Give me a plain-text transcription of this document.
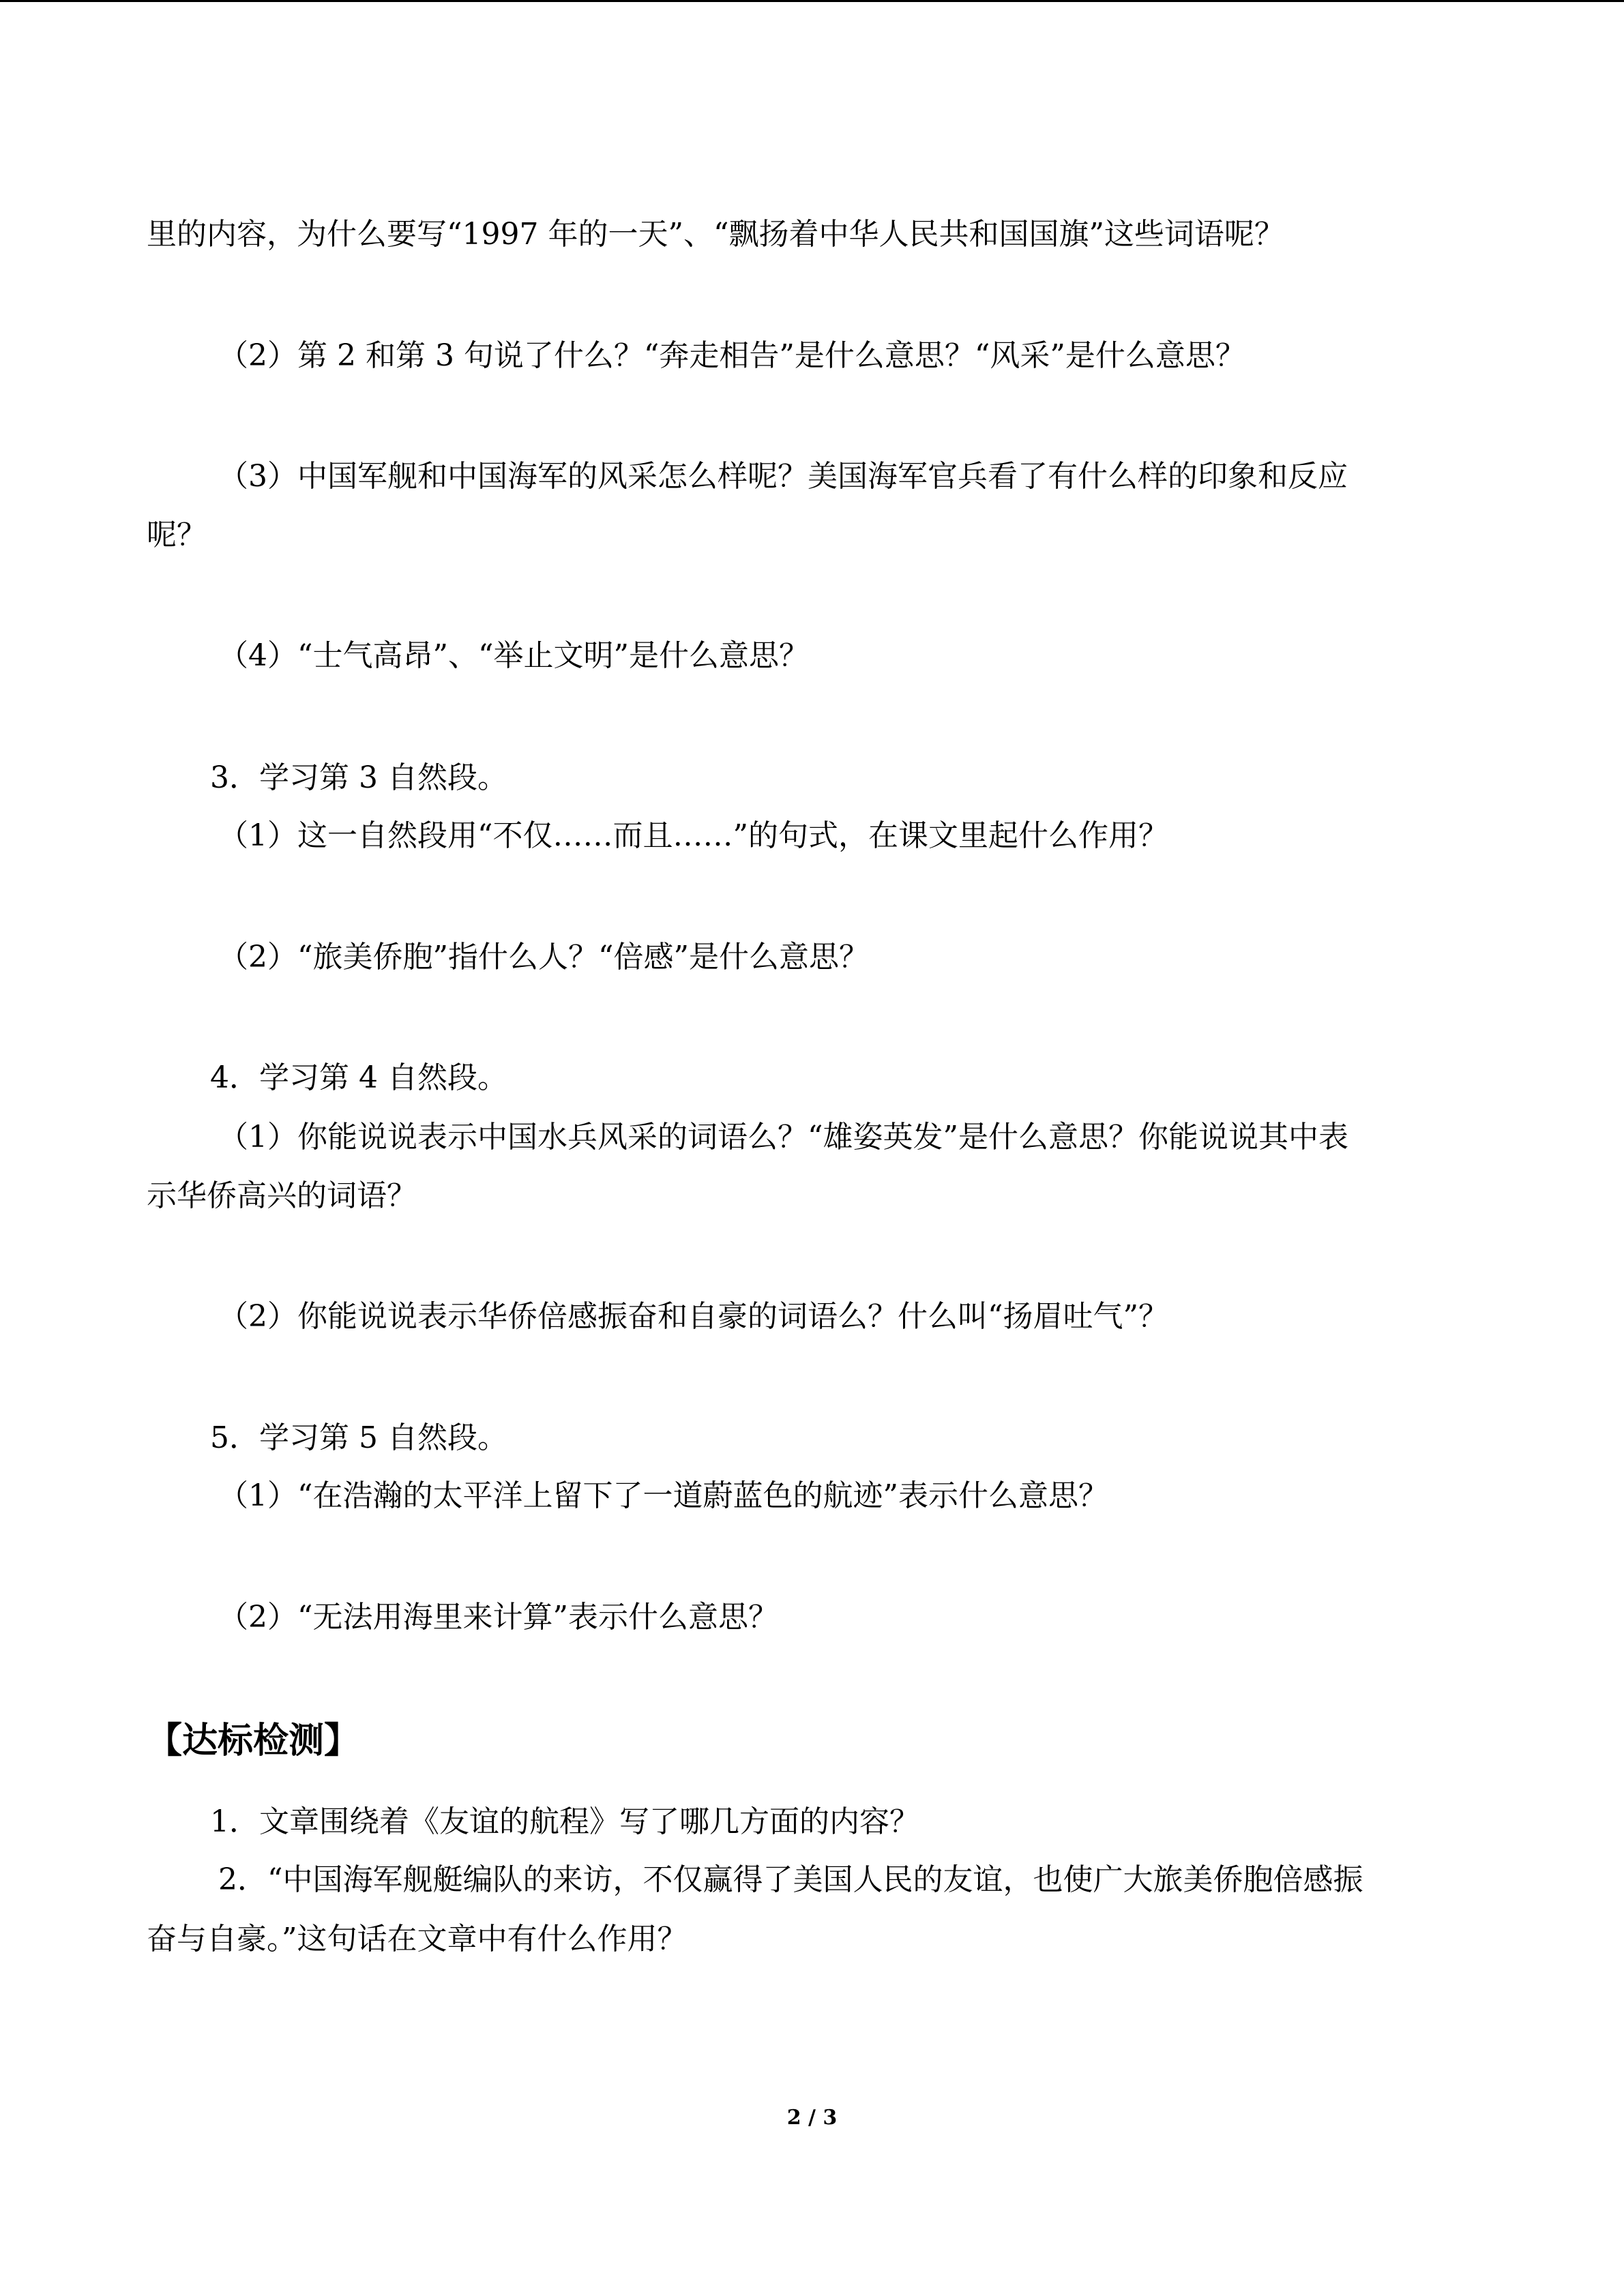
里的内容，为什么要写“1997 年的一天”、“飘扬着中华人民共和国国旗”这些词语呢？
（2）第 2 和第 3 句说了什么？“奔走相告”是什么意思？“风采”是什么意思？
（3）中国军舰和中国海军的风采怎么样呢？美国海军官兵看了有什么样的印象和反应
呢？
（4）“士气高昂”、“举止文明”是什么意思？
3．学习第 3 自然段。
（1）这一自然段用“不仅……而且……”的句式，在课文里起什么作用？
（2）“旅美侨胞”指什么人？“倍感”是什么意思？
4．学习第 4 自然段。
（1）你能说说表示中国水兵风采的词语么？“雄姿英发”是什么意思？你能说说其中表
示华侨高兴的词语？
（2）你能说说表示华侨倍感振奋和自豪的词语么？什么叫“扬眉吐气”？
5．学习第 5 自然段。
（1）“在浩瀚的太平洋上留下了一道蔚蓝色的航迹”表示什么意思？
（2）“无法用海里来计算”表示什么意思？
【达标检测】
1．文章围绕着《友谊的航程》写了哪几方面的内容？
2．“中国海军舰艇编队的来访，不仅赢得了美国人民的友谊，也使广大旅美侨胞倍感振
奋与自豪。”这句话在文章中有什么作用？
2 / 3
